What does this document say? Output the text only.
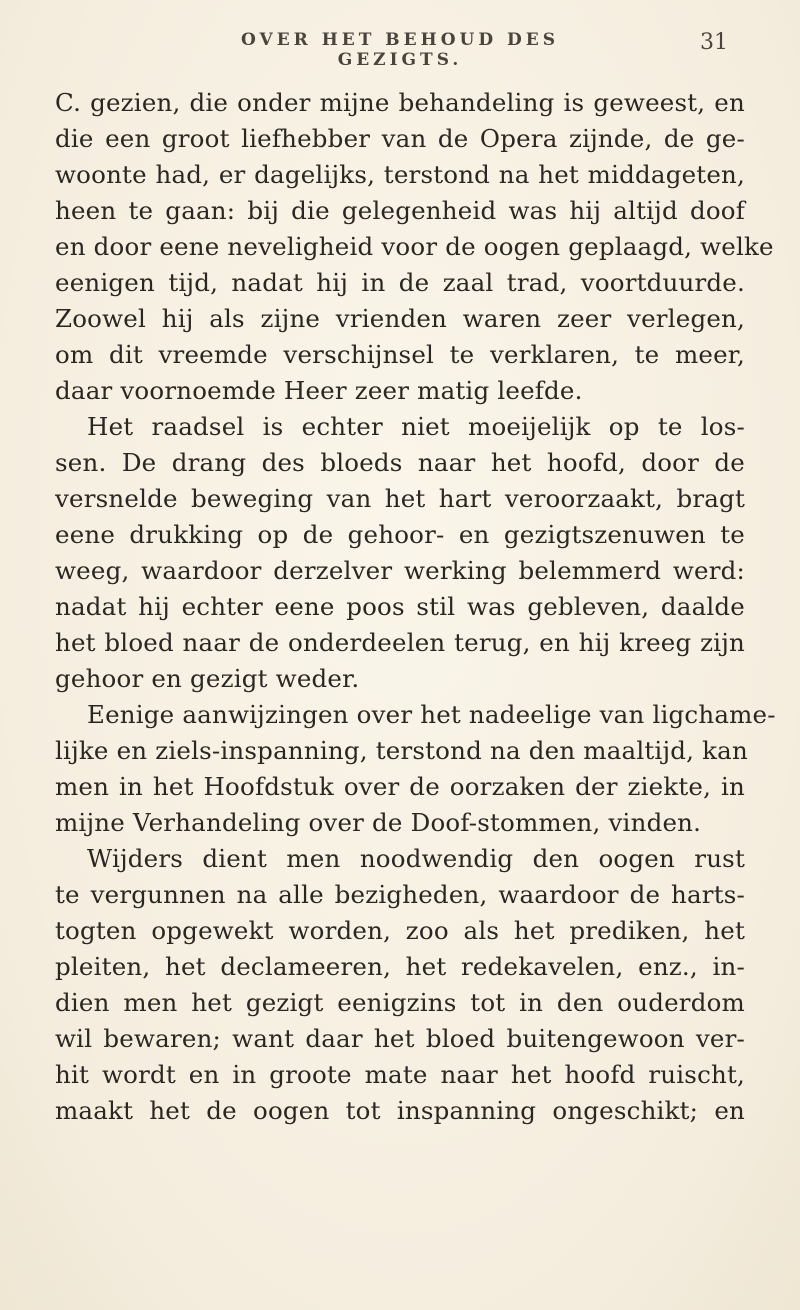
OVER HET BEHOUD DES GEZIGTS.
31
C. gezien, die onder mijne behandeling is geweest, en
die een groot liefhebber van de Opera zijnde, de ge-
woonte had, er dagelijks, terstond na het middageten,
heen te gaan: bij die gelegenheid was hij altijd doof
en door eene neveligheid voor de oogen geplaagd, welke
eenigen tijd, nadat hij in de zaal trad, voortduurde.
Zoowel hij als zijne vrienden waren zeer verlegen,
om dit vreemde verschijnsel te verklaren, te meer,
daar voornoemde Heer zeer matig leefde.
Het raadsel is echter niet moeijelijk op te los-
sen. De drang des bloeds naar het hoofd, door de
versnelde beweging van het hart veroorzaakt, bragt
eene drukking op de gehoor- en gezigtszenuwen te
weeg, waardoor derzelver werking belemmerd werd:
nadat hij echter eene poos stil was gebleven, daalde
het bloed naar de onderdeelen terug, en hij kreeg zijn
gehoor en gezigt weder.
Eenige aanwijzingen over het nadeelige van ligchame-
lijke en ziels-inspanning, terstond na den maaltijd, kan
men in het Hoofdstuk over de oorzaken der ziekte, in
mijne Verhandeling over de Doof-stommen, vinden.
Wijders dient men noodwendig den oogen rust
te vergunnen na alle bezigheden, waardoor de harts-
togten opgewekt worden, zoo als het prediken, het
pleiten, het declameeren, het redekavelen, enz., in-
dien men het gezigt eenigzins tot in den ouderdom
wil bewaren; want daar het bloed buitengewoon ver-
hit wordt en in groote mate naar het hoofd ruischt,
maakt het de oogen tot inspanning ongeschikt; en
